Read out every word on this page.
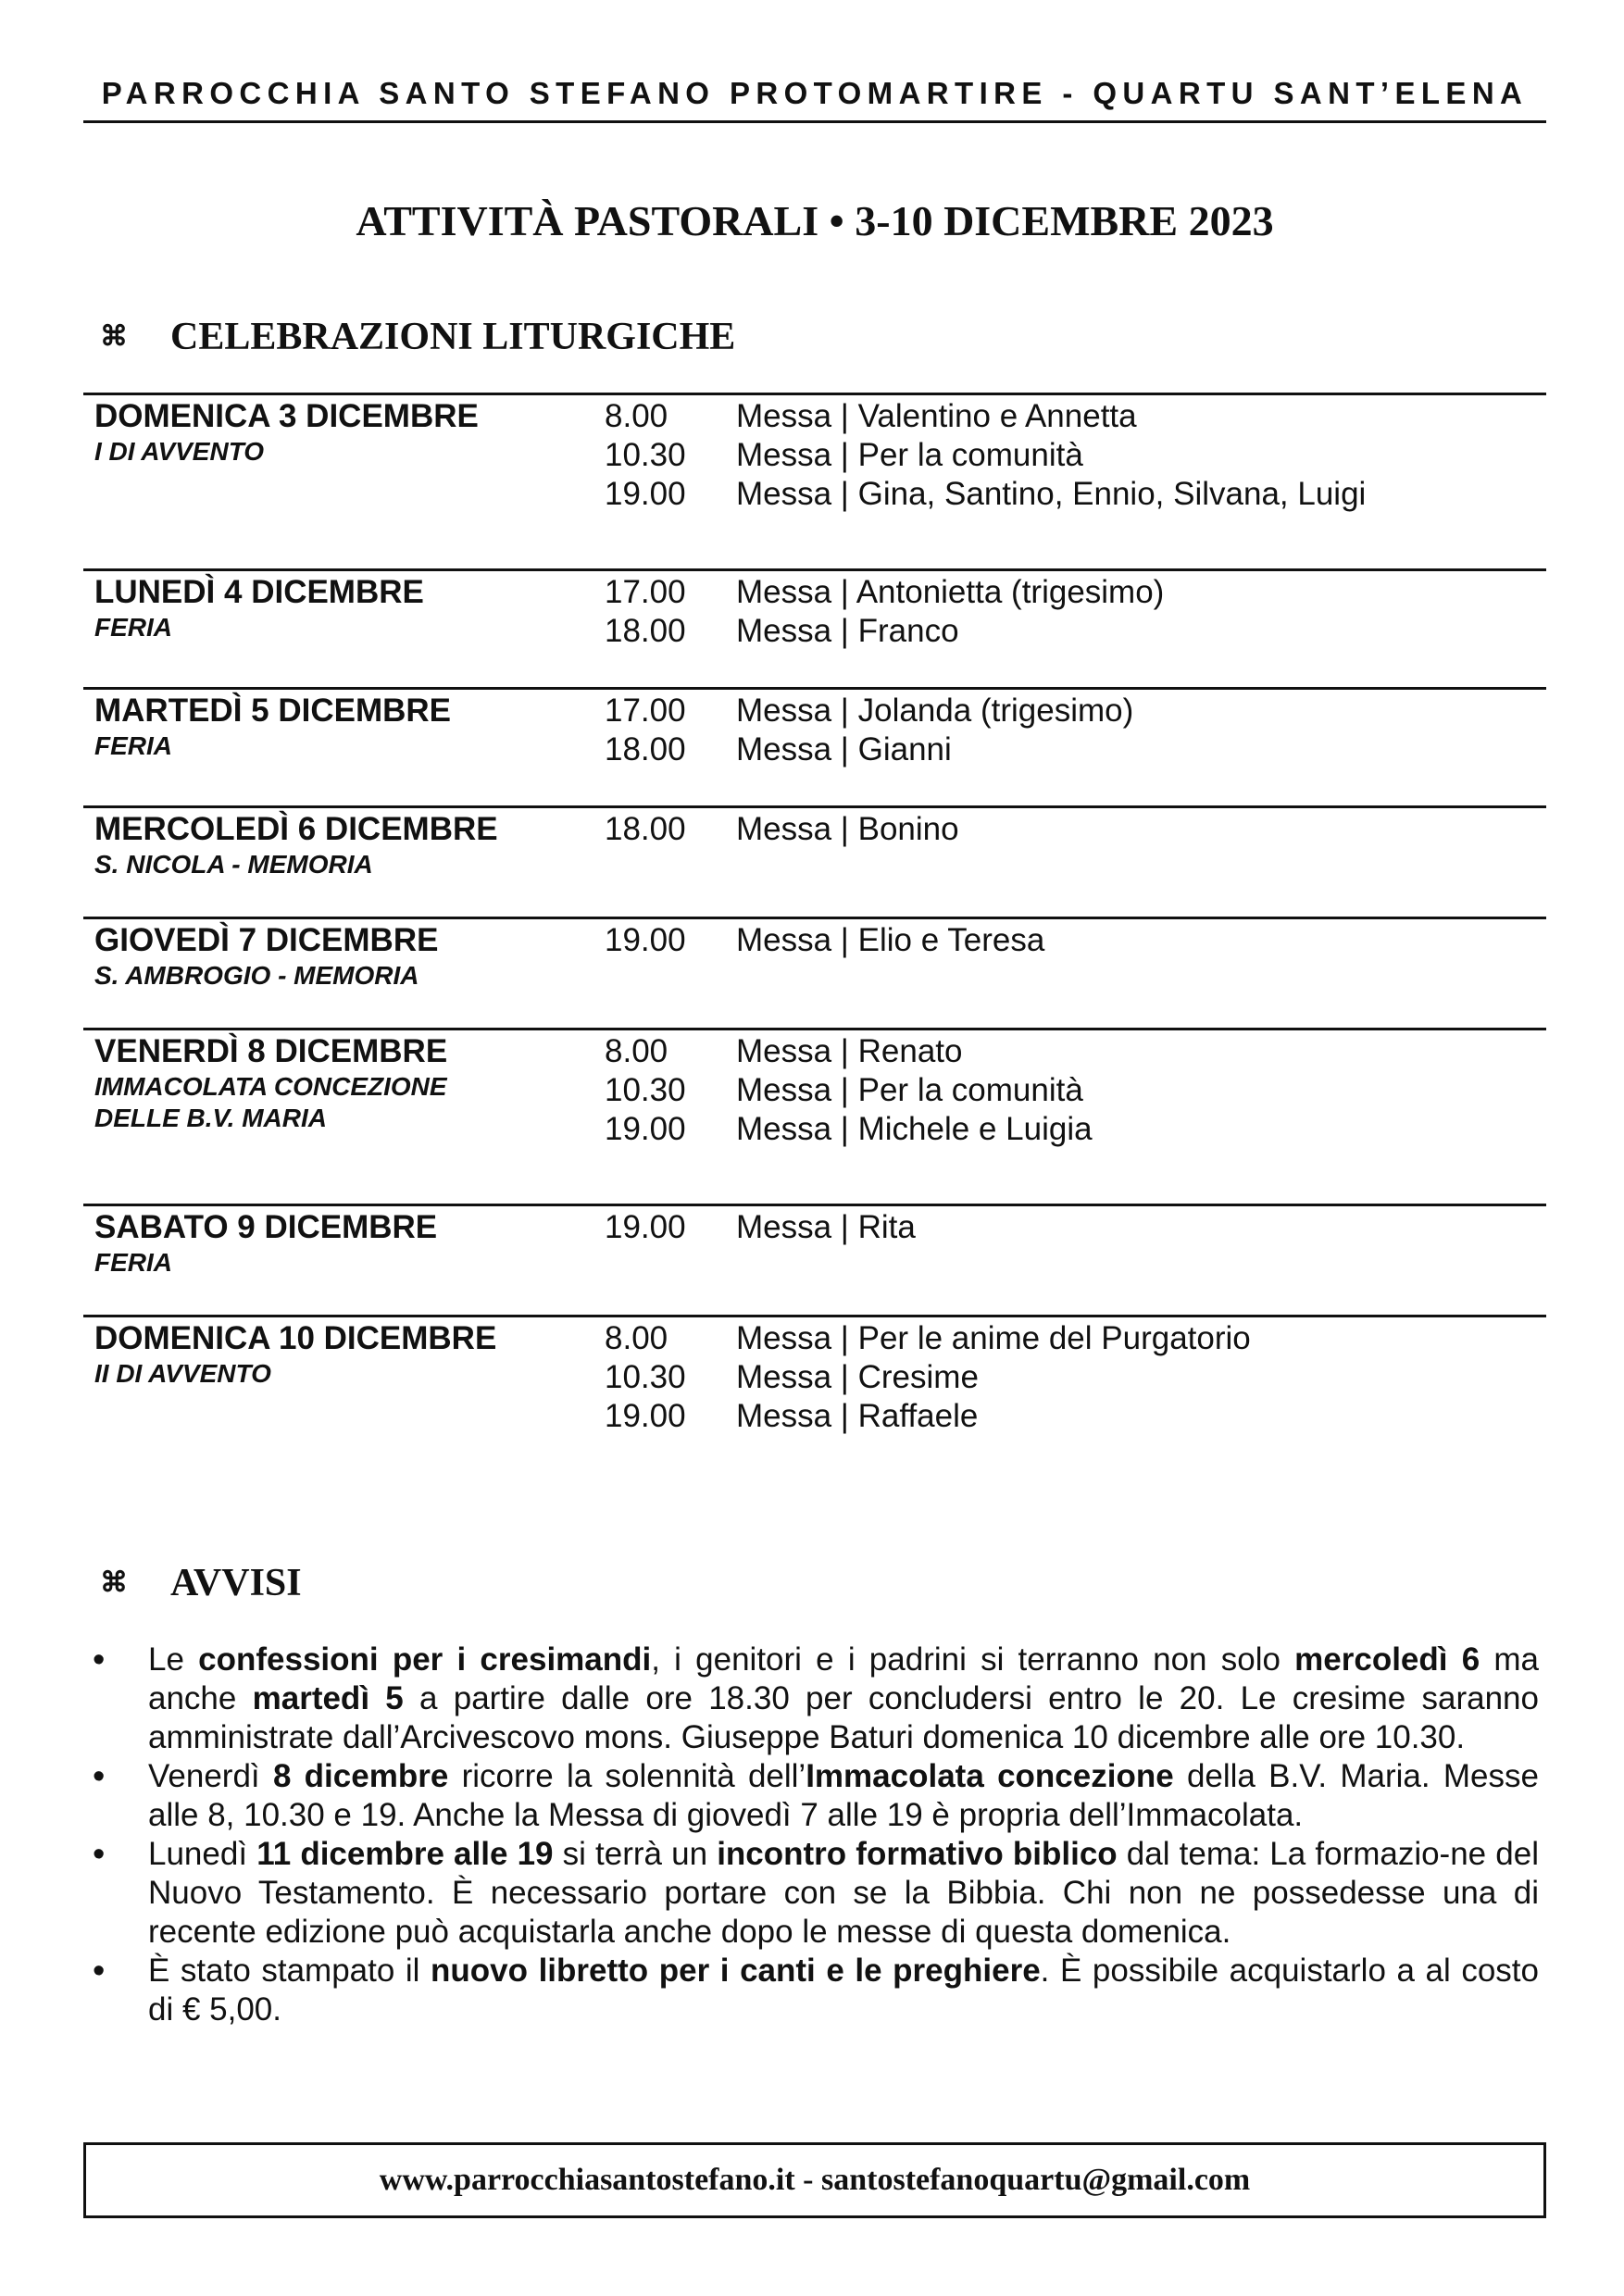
PARROCCHIA SANTO STEFANO PROTOMARTIRE - QUARTU SANT’ELENA
ATTIVITÀ PASTORALI • 3-10 DICEMBRE 2023
⌘ CELEBRAZIONI LITURGICHE
DOMENICA 3 DICEMBRE
I DI AVVENTO
8.00 Messa | Valentino e Annetta
10.30 Messa | Per la comunità
19.00 Messa | Gina, Santino, Ennio, Silvana, Luigi
LUNEDÌ 4 DICEMBRE
FERIA
17.00 Messa | Antonietta (trigesimo)
18.00 Messa | Franco
MARTEDÌ 5 DICEMBRE
FERIA
17.00 Messa | Jolanda (trigesimo)
18.00 Messa | Gianni
MERCOLEDÌ 6 DICEMBRE
S. NICOLA - MEMORIA
18.00 Messa | Bonino
GIOVEDÌ 7 DICEMBRE
S. AMBROGIO - MEMORIA
19.00 Messa | Elio e Teresa
VENERDÌ 8 DICEMBRE
IMMACOLATA CONCEZIONE
DELLE B.V. MARIA
8.00 Messa | Renato
10.30 Messa | Per la comunità
19.00 Messa | Michele e Luigia
SABATO 9 DICEMBRE
FERIA
19.00 Messa | Rita
DOMENICA 10 DICEMBRE
II DI AVVENTO
8.00 Messa | Per le anime del Purgatorio
10.30 Messa | Cresime
19.00 Messa | Raffaele
⌘ AVVISI
• Le confessioni per i cresimandi, i genitori e i padrini si terranno non solo mercoledì 6 ma anche martedì 5 a partire dalle ore 18.30 per concludersi entro le 20. Le cresime saranno amministrate dall’Arcivescovo mons. Giuseppe Baturi domenica 10 dicembre alle ore 10.30.
• Venerdì 8 dicembre ricorre la solennità dell’Immacolata concezione della B.V. Maria. Messe alle 8, 10.30 e 19. Anche la Messa di giovedì 7 alle 19 è propria dell’Immacolata.
• Lunedì 11 dicembre alle 19 si terrà un incontro formativo biblico dal tema: La formazio-ne del Nuovo Testamento. È necessario portare con se la Bibbia. Chi non ne possedesse una di recente edizione può acquistarla anche dopo le messe di questa domenica.
• È stato stampato il nuovo libretto per i canti e le preghiere. È possibile acquistarlo a al costo di € 5,00.
www.parrocchiasantostefano.it - santostefanoquartu@gmail.com
